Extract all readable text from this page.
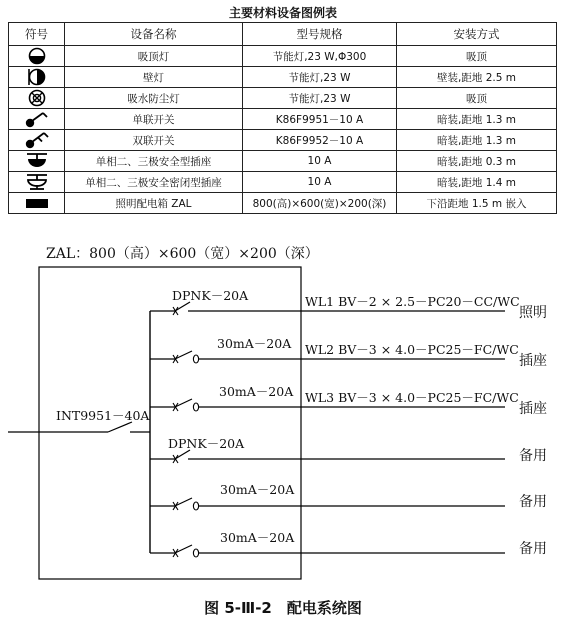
主要材料设备图例表
符号	设备名称	型号规格	安装方式

	吸顶灯	节能灯,23 W,Φ300	吸顶

	壁灯	节能灯,23 W	壁装,距地 2.5 m

	吸水防尘灯	节能灯,23 W	吸顶

	单联开关	K86F9951－10 A	暗装,距地 1.3 m

	双联开关	K86F9952－10 A	暗装,距地 1.3 m

	单相二、三极安全型插座	10 A	暗装,距地 0.3 m

	单相二、三极安全密闭型插座	10 A	暗装,距地 1.4 m

	照明配电箱 ZAL	800(高)×600(宽)×200(深)	下沿距地 1.5 m 嵌入
ZAL：800（高）×600（宽）×200（深）
INT9951－40A
DPNK－20A	WL1 BV－2 × 2.5－PC20－CC/WC
照明
30mA－20A WL2 BV－3 × 4.0－PC25－FC/WC
插座
30mA－20A WL3 BV－3 × 4.0－PC25－FC/WC
插座
DPNK－20A
备用
30mA－20A
备用
30mA－20A
备用
图 5-Ⅲ-2　配电系统图
